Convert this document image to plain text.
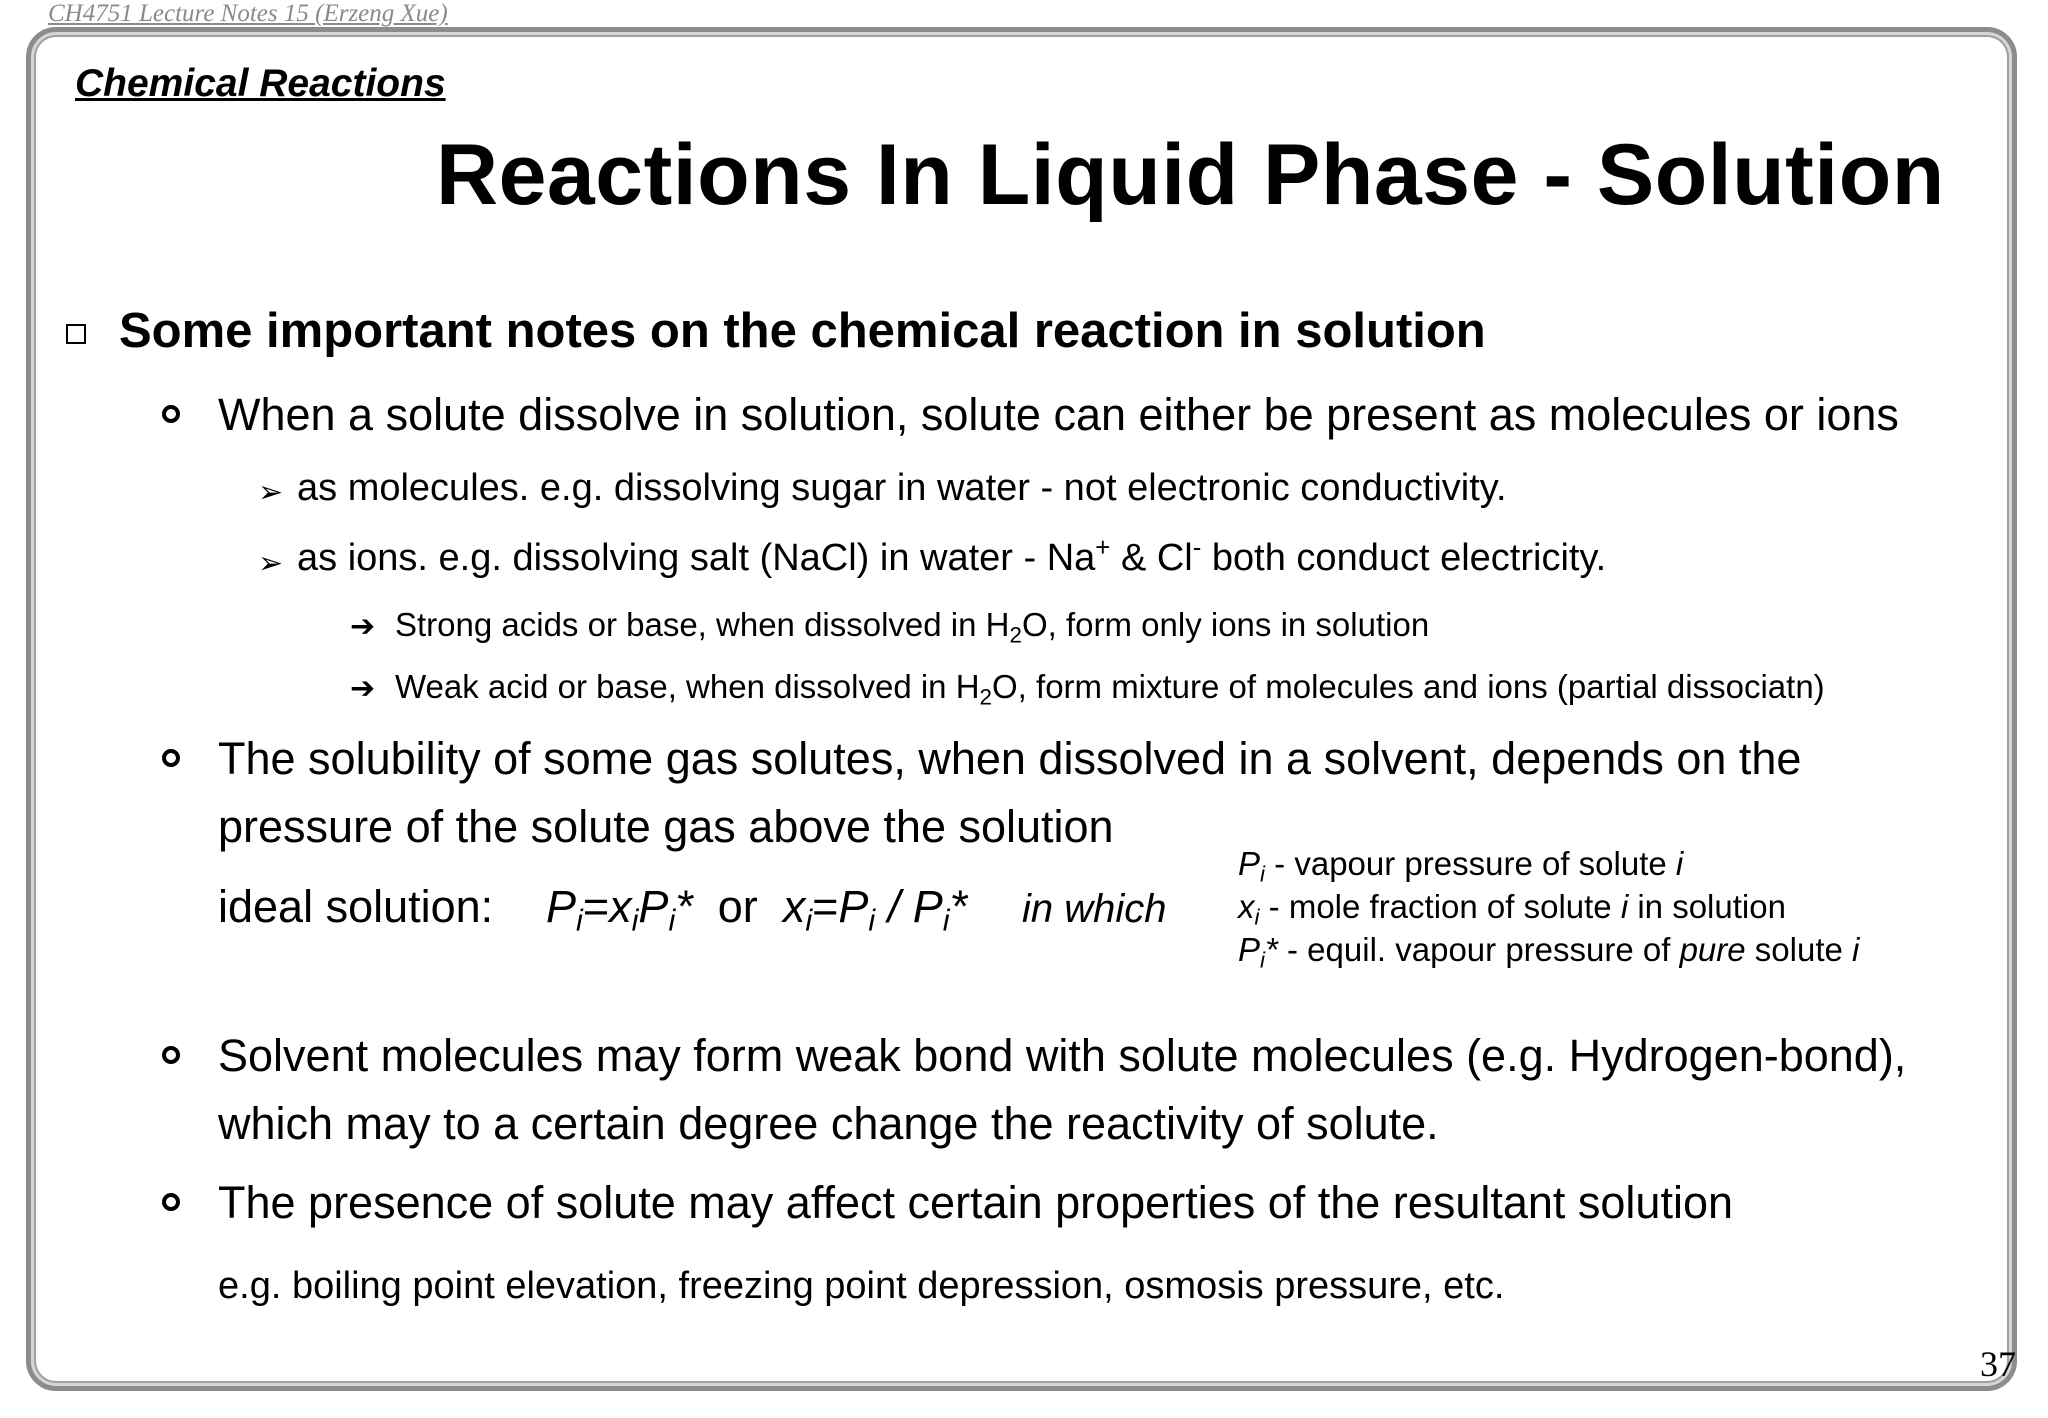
CH4751 Lecture Notes 15 (Erzeng Xue)
Chemical Reactions
Reactions In Liquid Phase - Solution
Some important notes on the chemical reaction in solution
When a solute dissolve in solution, solute can either be present as molecules or ions
➢ as molecules. e.g. dissolving sugar in water - not electronic conductivity.
➢ as ions. e.g. dissolving salt (NaCl) in water - Na+ & Cl- both conduct electricity.
➔ Strong acids or base, when dissolved in $H_2O$, form only ions in solution
➔ Weak acid or base, when dissolved in $H_2O$, form mixture of molecules and ions (partial dissociatn)
The solubility of some gas solutes, when dissolved in a solvent, depends on the
pressure of the solute gas above the solution
ideal solution: $P_i=x_iP_i*$ or $x_i=P_i / P_i*$ in which
$P_i$ - vapour pressure of solute i
$x_i$ - mole fraction of solute i in solution
$P_i*$ - equil. vapour pressure of pure solute i
Solvent molecules may form weak bond with solute molecules (e.g. Hydrogen-bond),
which may to a certain degree change the reactivity of solute.
The presence of solute may affect certain properties of the resultant solution
e.g. boiling point elevation, freezing point depression, osmosis pressure, etc.
37
